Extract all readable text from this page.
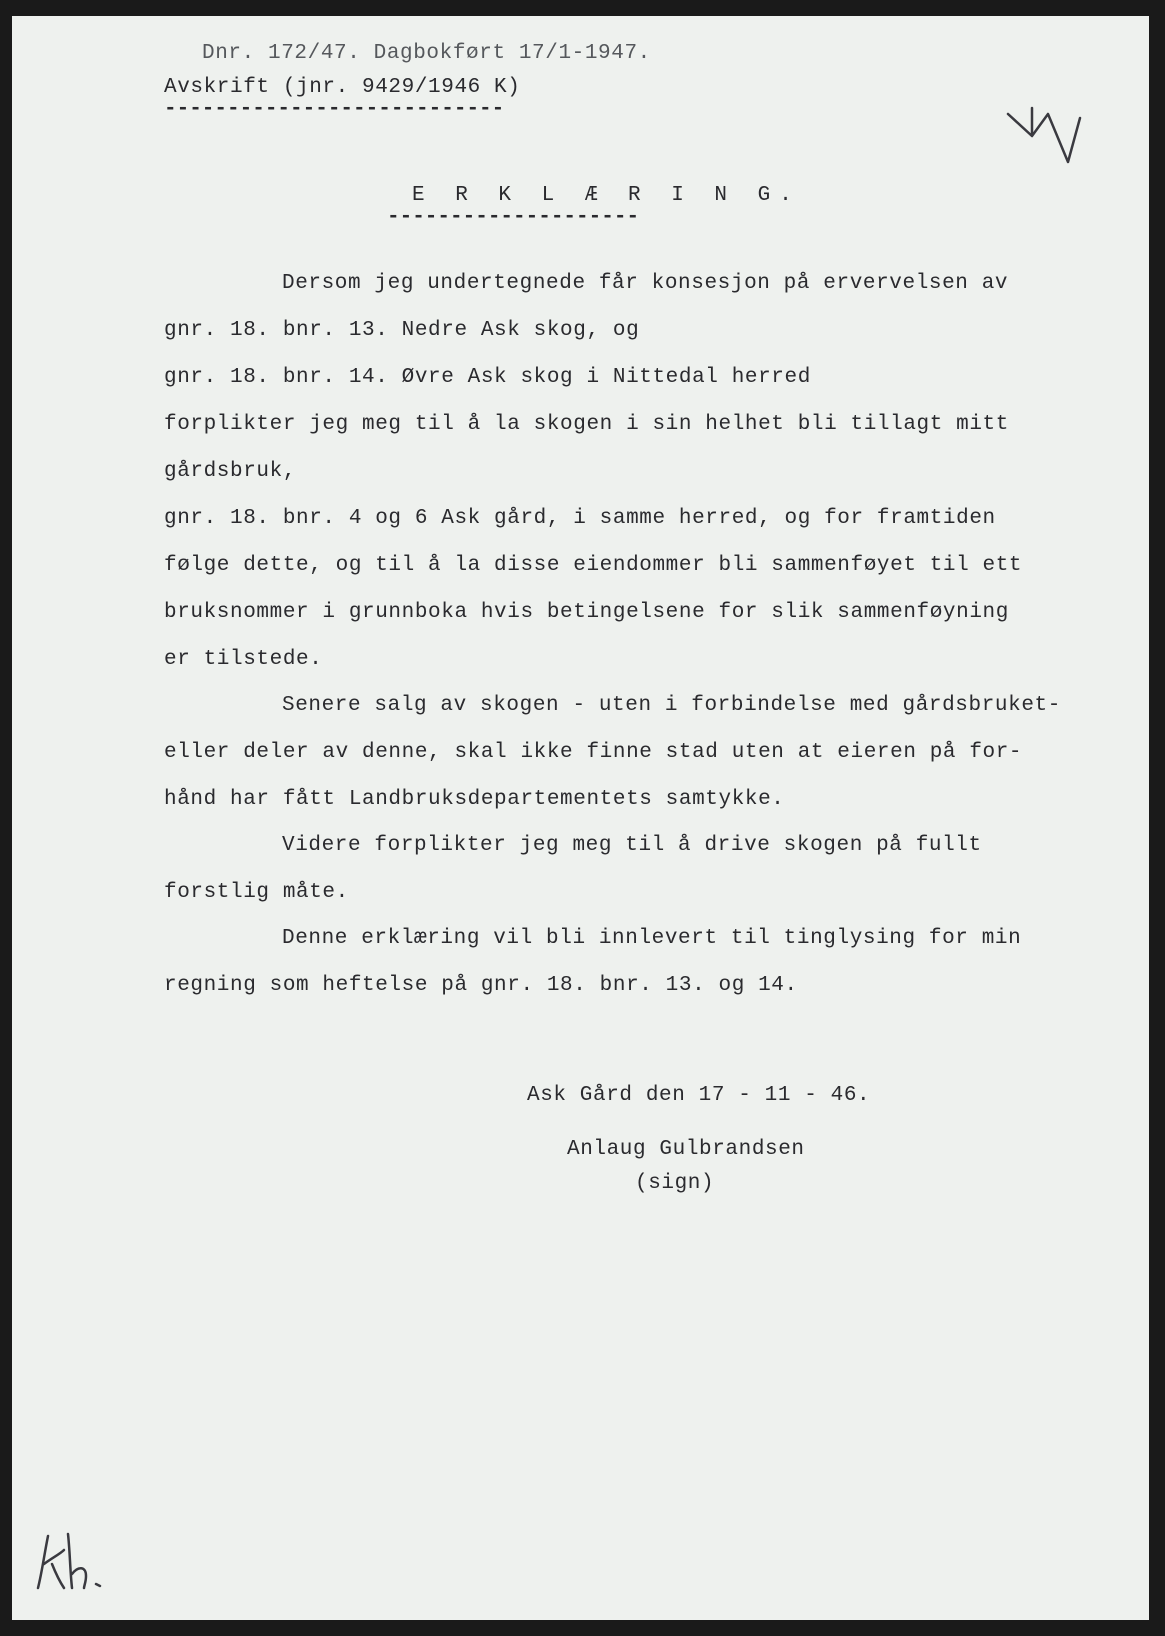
Dnr. 172/47. Dagbokført 17/1-1947.
Avskrift (jnr. 9429/1946 K)
---------------------------
E R K L Æ R I N G.
--------------------
Dersom jeg undertegnede får konsesjon på ervervelsen av
gnr. 18. bnr. 13. Nedre Ask skog, og
gnr. 18. bnr. 14. Øvre Ask skog i Nittedal herred
forplikter jeg meg til å la skogen i sin helhet bli tillagt mitt
gårdsbruk,
gnr. 18. bnr. 4 og 6 Ask gård, i samme herred, og for framtiden
følge dette, og til å la disse eiendommer bli sammenføyet til ett
bruksnommer i grunnboka hvis betingelsene for slik sammenføyning
er tilstede.
Senere salg av skogen - uten i forbindelse med gårdsbruket-
eller deler av denne, skal ikke finne stad uten at eieren på for-
hånd har fått Landbruksdepartementets samtykke.
Videre forplikter jeg meg til å drive skogen på fullt
forstlig måte.
Denne erklæring vil bli innlevert til tinglysing for min
regning som heftelse på gnr. 18. bnr. 13. og 14.
Ask Gård den 17 - 11 - 46.
Anlaug Gulbrandsen
(sign)
